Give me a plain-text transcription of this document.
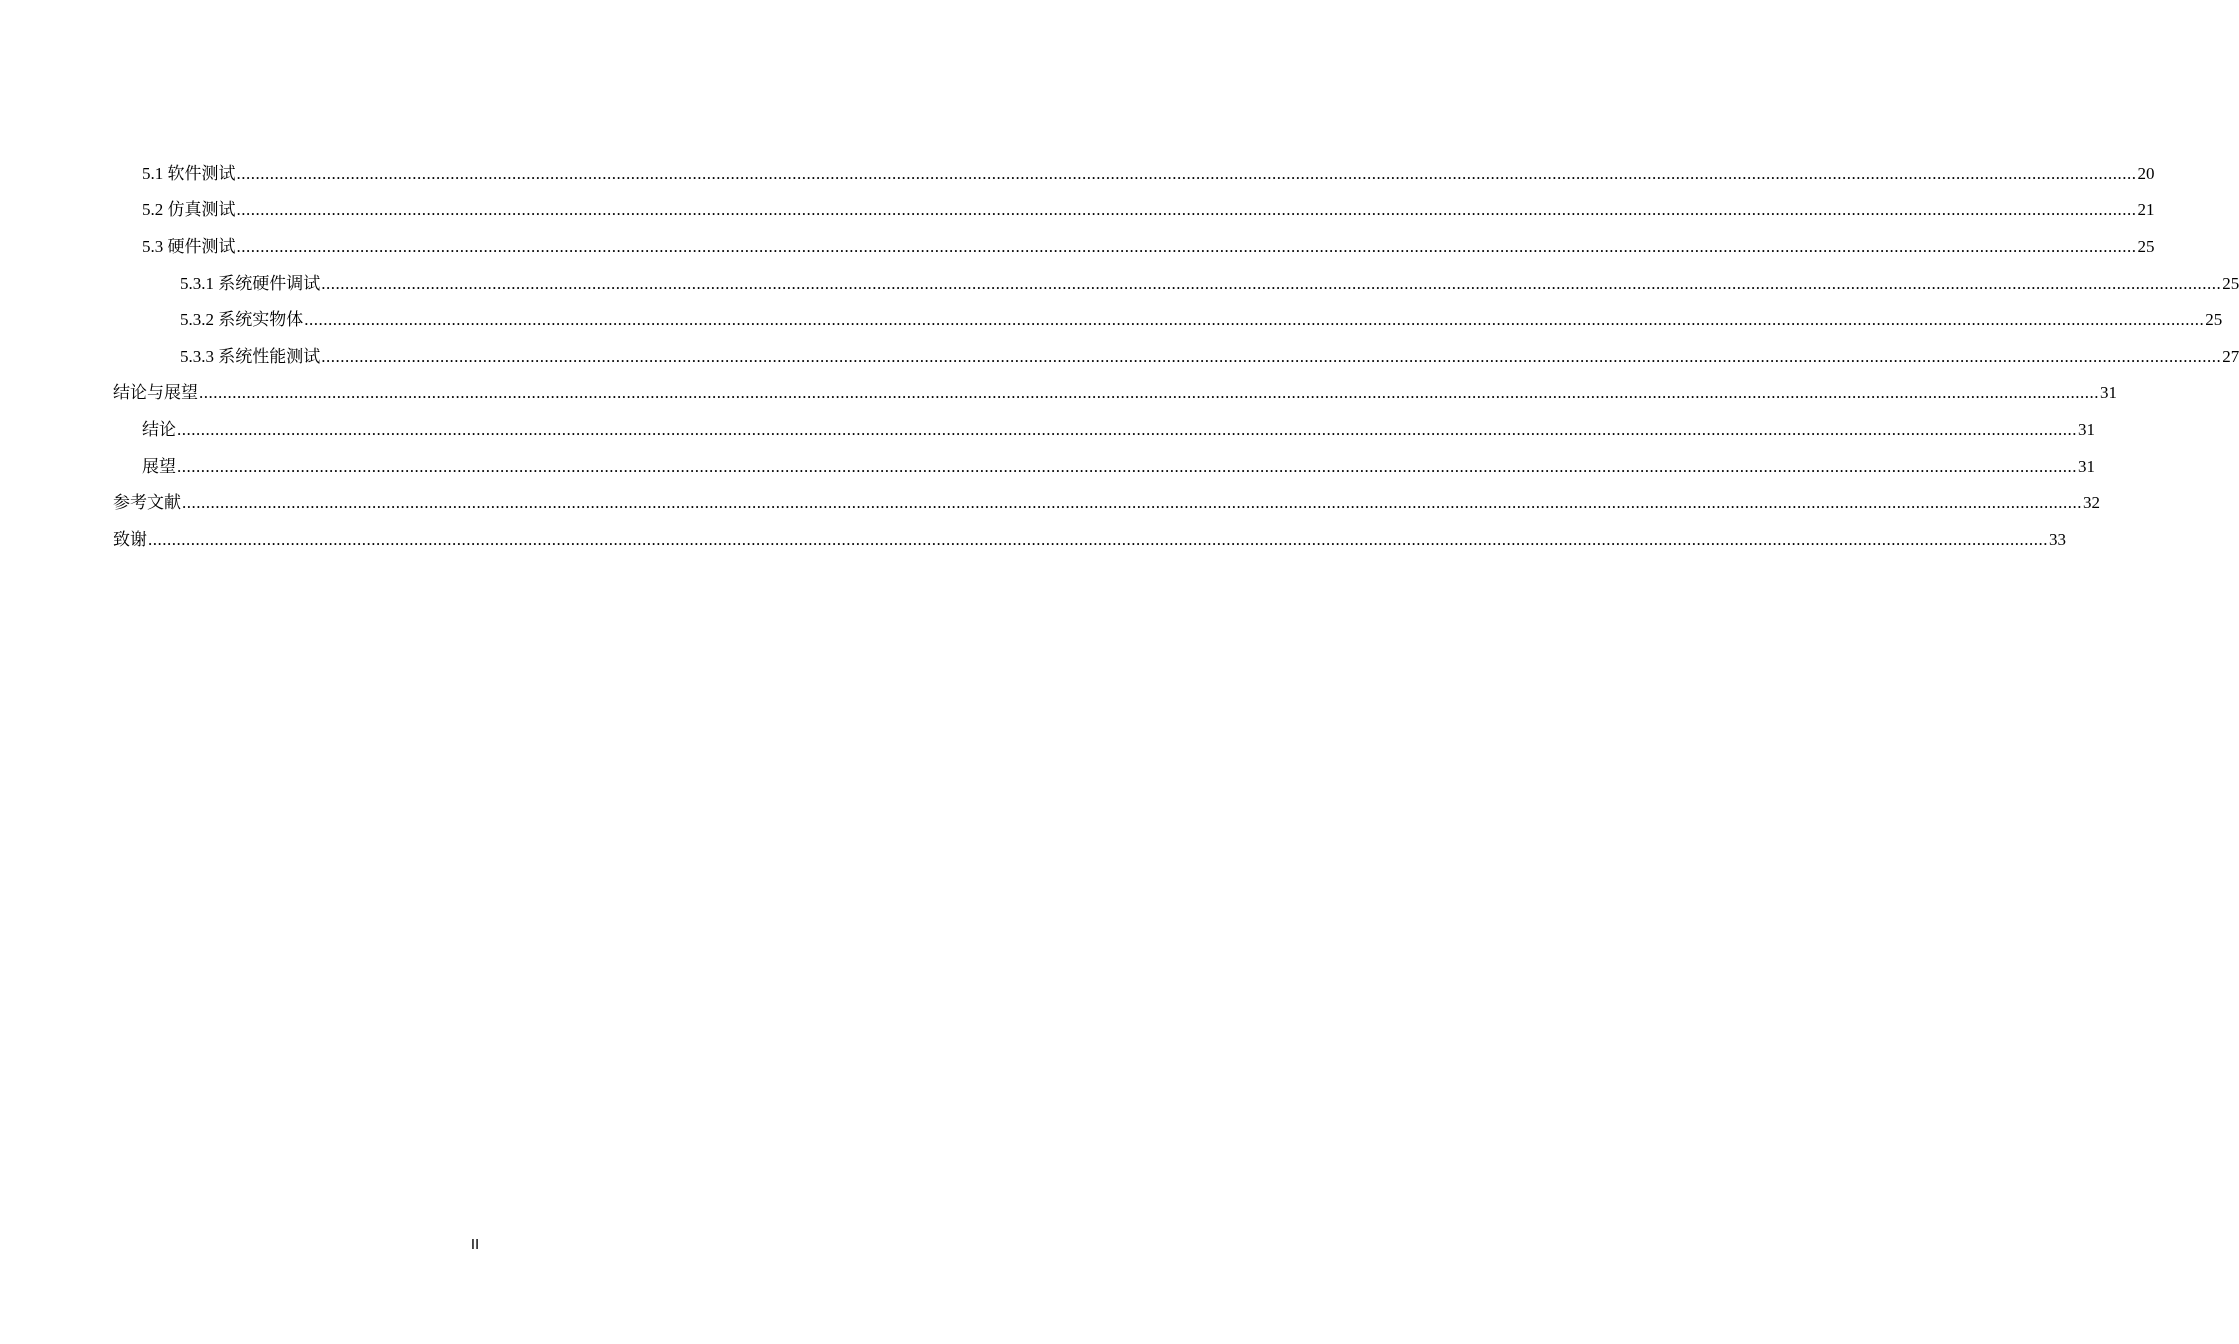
5.1 软件测试 ................................................................................................................................................................................................................................................................................................................................................................................................................ 20
5.2 仿真测试 ................................................................................................................................................................................................................................................................................................................................................................................................................ 21
5.3 硬件测试 ................................................................................................................................................................................................................................................................................................................................................................................................................ 25
5.3.1 系统硬件调试 ................................................................................................................................................................................................................................................................................................................................................................................................................ 25
5.3.2 系统实物体 ................................................................................................................................................................................................................................................................................................................................................................................................................ 25
5.3.3 系统性能测试 ................................................................................................................................................................................................................................................................................................................................................................................................................ 27
结论与展望 ................................................................................................................................................................................................................................................................................................................................................................................................................ 31
结论 ................................................................................................................................................................................................................................................................................................................................................................................................................ 31
展望 ................................................................................................................................................................................................................................................................................................................................................................................................................ 31
参考文献 ................................................................................................................................................................................................................................................................................................................................................................................................................ 32
致谢 ................................................................................................................................................................................................................................................................................................................................................................................................................ 33
II
